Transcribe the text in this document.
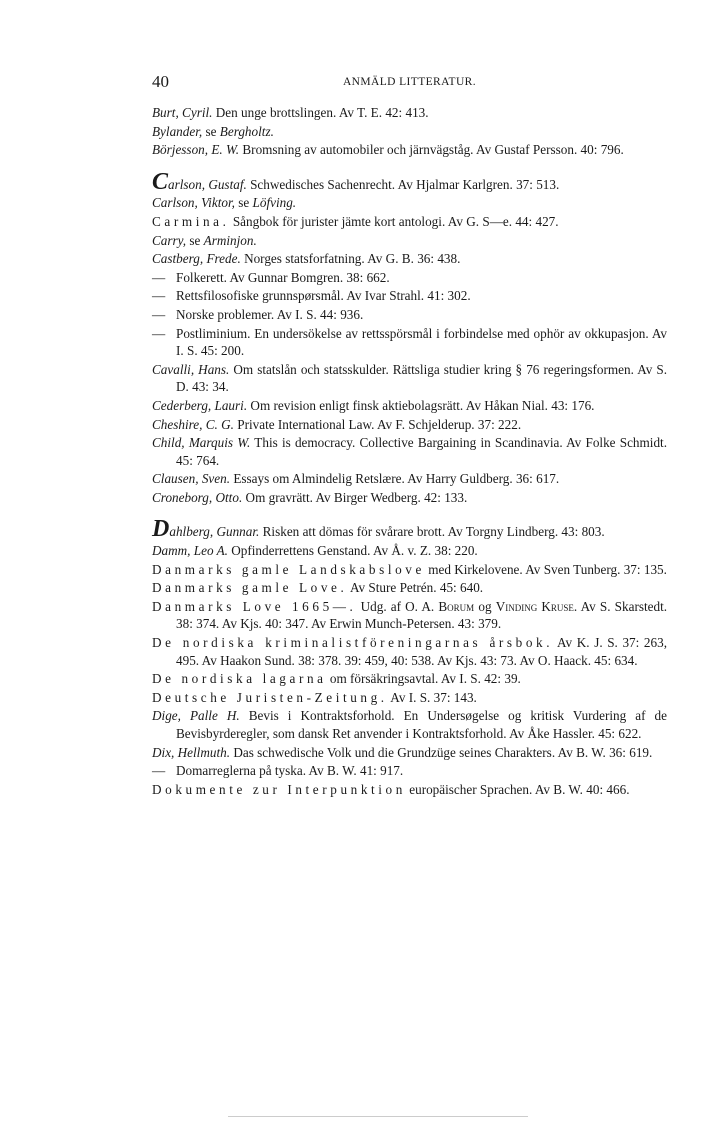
40	ANMÄLD LITTERATUR.
Burt, Cyril. Den unge brottslingen. Av T. E. 42: 413.
Bylander, se Bergholtz.
Börjesson, E. W. Bromsning av automobiler och järnvägståg. Av Gustaf Persson. 40: 796.
Carlson, Gustaf. Schwedisches Sachenrecht. Av Hjalmar Karlgren. 37: 513.
Carlson, Viktor, se Löfving.
Carmina. Sångbok för jurister jämte kort antologi. Av G. S—e. 44: 427.
Carry, se Arminjon.
Castberg, Frede. Norges statsforfatning. Av G. B. 36: 438.
— Folkerett. Av Gunnar Bomgren. 38: 662.
— Rettsfilosofiske grunnspørsmål. Av Ivar Strahl. 41: 302.
— Norske problemer. Av I. S. 44: 936.
— Postliminium. En undersökelse av rettsspörsmål i forbindelse med ophör av okkupasjon. Av I. S. 45: 200.
Cavalli, Hans. Om statslån och statsskulder. Rättsliga studier kring § 76 regeringsformen. Av S. D. 43: 34.
Cederberg, Lauri. Om revision enligt finsk aktiebolagsrätt. Av Håkan Nial. 43: 176.
Cheshire, C. G. Private International Law. Av F. Schjelderup. 37: 222.
Child, Marquis W. This is democracy. Collective Bargaining in Scandinavia. Av Folke Schmidt. 45: 764.
Clausen, Sven. Essays om Almindelig Retslære. Av Harry Guldberg. 36: 617.
Croneborg, Otto. Om gravrätt. Av Birger Wedberg. 42: 133.
Dahlberg, Gunnar. Risken att dömas för svårare brott. Av Torgny Lindberg. 43: 803.
Damm, Leo A. Opfinderrettens Genstand. Av Å. v. Z. 38: 220.
Danmarks gamle Landskabslove med Kirkelovene. Av Sven Tunberg. 37: 135.
Danmarks gamle Love. Av Sture Petrén. 45: 640.
Danmarks Love 1665—. Udg. af O. A. Borum og Vinding Kruse. Av S. Skarstedt. 38: 374. Av Kjs. 40: 347. Av Erwin Munch-Petersen. 43: 379.
De nordiska kriminalistföreningarnas årsbok. Av K. J. S. 37: 263, 495. Av Haakon Sund. 38: 378. 39: 459, 40: 538. Av Kjs. 43: 73. Av O. Haack. 45: 634.
De nordiska lagarna om försäkringsavtal. Av I. S. 42: 39.
Deutsche Juristen-Zeitung. Av I. S. 37: 143.
Dige, Palle H. Bevis i Kontraktsforhold. En Undersøgelse og kritisk Vurdering af de Bevisbyrderegler, som dansk Ret anvender i Kontraktsforhold. Av Åke Hassler. 45: 622.
Dix, Hellmuth. Das schwedische Volk und die Grundzüge seines Charakters. Av B. W. 36: 619.
— Domarreglerna på tyska. Av B. W. 41: 917.
Dokumente zur Interpunktion europäischer Sprachen. Av B. W. 40: 466.
